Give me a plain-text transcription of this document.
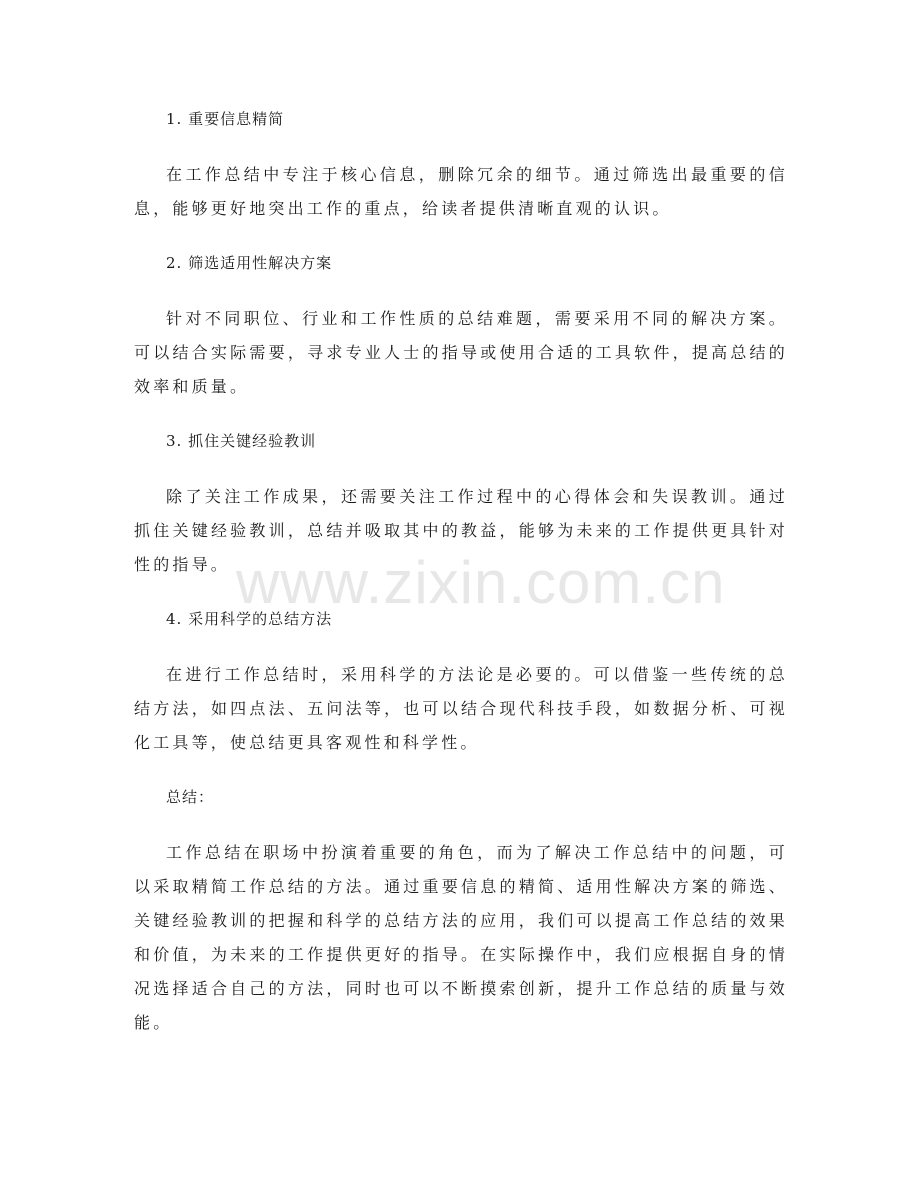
1. 重要信息精简

在工作总结中专注于核心信息，删除冗余的细节。通过筛选出最重要的信息，能够更好地突出工作的重点，给读者提供清晰直观的认识。

2. 筛选适用性解决方案

针对不同职位、行业和工作性质的总结难题，需要采用不同的解决方案。可以结合实际需要，寻求专业人士的指导或使用合适的工具软件，提高总结的效率和质量。

3. 抓住关键经验教训

除了关注工作成果，还需要关注工作过程中的心得体会和失误教训。通过抓住关键经验教训，总结并吸取其中的教益，能够为未来的工作提供更具针对性的指导。

4. 采用科学的总结方法

在进行工作总结时，采用科学的方法论是必要的。可以借鉴一些传统的总结方法，如四点法、五问法等，也可以结合现代科技手段，如数据分析、可视化工具等，使总结更具客观性和科学性。

总结：

工作总结在职场中扮演着重要的角色，而为了解决工作总结中的问题，可以采取精简工作总结的方法。通过重要信息的精简、适用性解决方案的筛选、关键经验教训的把握和科学的总结方法的应用，我们可以提高工作总结的效果和价值，为未来的工作提供更好的指导。在实际操作中，我们应根据自身的情况选择适合自己的方法，同时也可以不断摸索创新，提升工作总结的质量与效能。

www.zixin.com.cn
